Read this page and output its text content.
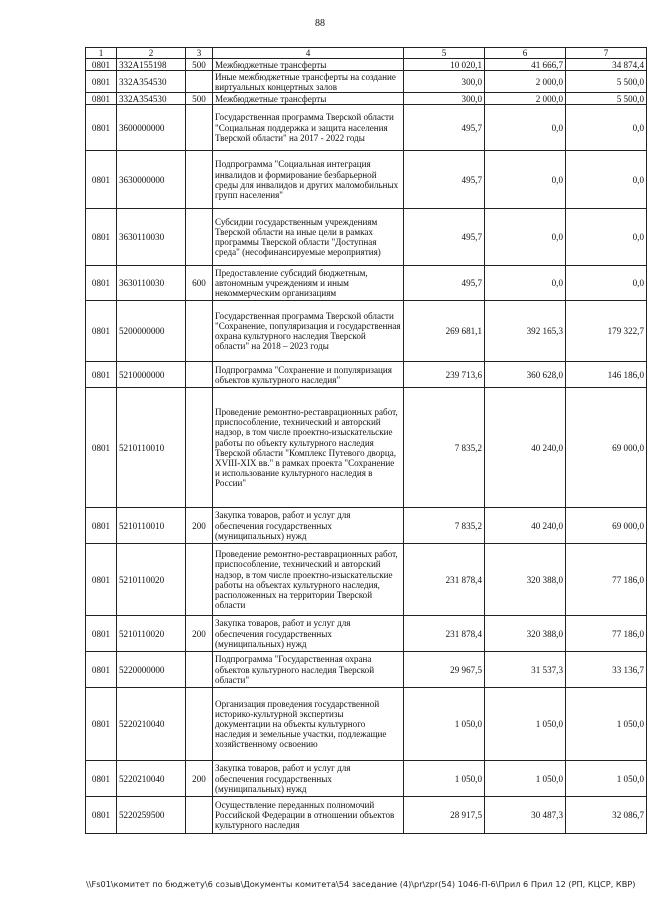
88
1	2	3	4	5	6	7
0801	332A155198	500	Межбюджетные трансферты	10 020,1	41 666,7	34 874,4
0801	332A354530		Иные межбюджетные трансферты на создание виртуальных концертных залов	300,0	2 000,0	5 500,0
0801	332A354530	500	Межбюджетные трансферты	300,0	2 000,0	5 500,0
0801	3600000000		Государственная программа Тверской области "Социальная поддержка и защита населения Тверской области" на 2017 - 2022 годы	495,7	0,0	0,0
0801	3630000000		Подпрограмма "Социальная интеграция инвалидов и формирование безбарьерной среды для инвалидов и других маломобильных групп населения"	495,7	0,0	0,0
0801	3630110030		Субсидии государственным учреждениям Тверской области на иные цели в рамках программы Тверской области "Доступная среда" (несофинансируемые мероприятия)	495,7	0,0	0,0
0801	3630110030	600	Предоставление субсидий бюджетным, автономным учреждениям и иным некоммерческим организациям	495,7	0,0	0,0
0801	5200000000		Государственная программа Тверской области "Сохранение, популяризация и государственная охрана культурного наследия Тверской области" на 2018 – 2023 годы	269 681,1	392 165,3	179 322,7
0801	5210000000		Подпрограмма "Сохранение и популяризация объектов культурного наследия"	239 713,6	360 628,0	146 186,0
0801	5210110010		Проведение ремонтно-реставрационных работ, приспособление, технический и авторский надзор, в том числе проектно-изыскательские работы по объекту культурного наследия Тверской области "Комплекс Путевого дворца, XVIII-XIX вв." в рамках проекта "Сохранение и использование культурного наследия в России"	7 835,2	40 240,0	69 000,0
0801	5210110010	200	Закупка товаров, работ и услуг для обеспечения государственных (муниципальных) нужд	7 835,2	40 240,0	69 000,0
0801	5210110020		Проведение ремонтно-реставрационных работ, приспособление, технический и авторский надзор, в том числе проектно-изыскательские работы на объектах культурного наследия, расположенных на территории Тверской области	231 878,4	320 388,0	77 186,0
0801	5210110020	200	Закупка товаров, работ и услуг для обеспечения государственных (муниципальных) нужд	231 878,4	320 388,0	77 186,0
0801	5220000000		Подпрограмма "Государственная охрана объектов культурного наследия Тверской области"	29 967,5	31 537,3	33 136,7
0801	5220210040		Организация проведения государственной историко-культурной экспертизы документации на объекты культурного наследия и земельные участки, подлежащие хозяйственному освоению	1 050,0	1 050,0	1 050,0
0801	5220210040	200	Закупка товаров, работ и услуг для обеспечения государственных (муниципальных) нужд	1 050,0	1 050,0	1 050,0
0801	5220259500		Осуществление переданных полномочий Российской Федерации в отношении объектов культурного наследия	28 917,5	30 487,3	32 086,7
\\Fs01\комитет по бюджету\6 созыв\Документы комитета\54 заседание (4)\pr\zpr(54) 1046-П-6\Прил 6 Прил 12 (РП, КЦСР, КВР)
